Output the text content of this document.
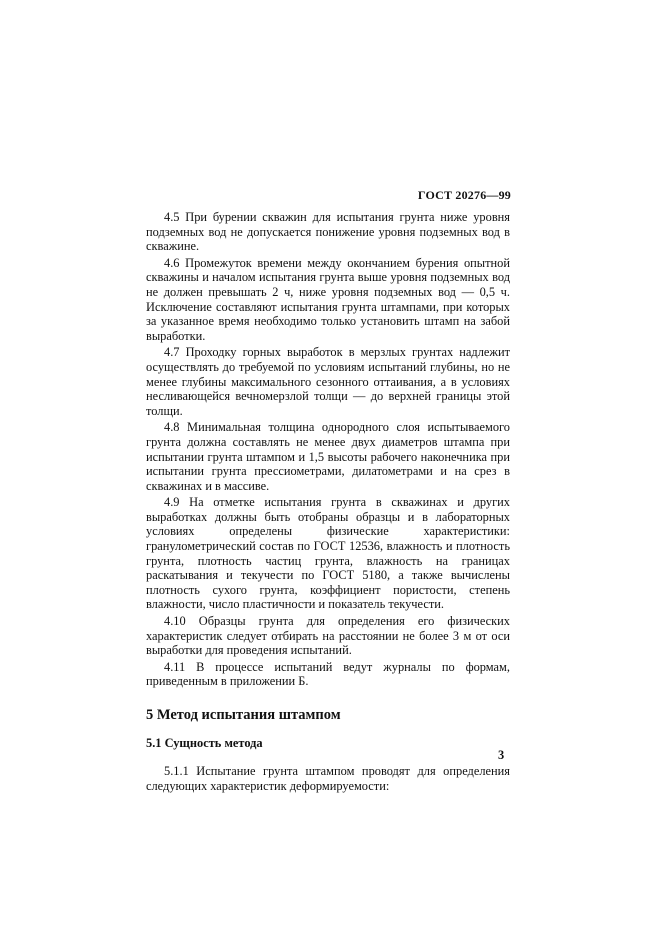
ГОСТ 20276—99

4.5 При бурении скважин для испытания грунта ниже уровня подземных вод не допускается понижение уровня подземных вод в скважине.

4.6 Промежуток времени между окончанием бурения опытной скважины и началом испытания грунта выше уровня подземных вод не должен превышать 2 ч, ниже уровня подземных вод — 0,5 ч. Исключение составляют испытания грунта штампами, при которых за указанное время необходимо только установить штамп на забой выработки.

4.7 Проходку горных выработок в мерзлых грунтах надлежит осуществлять до требуемой по условиям испытаний глубины, но не менее глубины максимального сезонного оттаивания, а в условиях несливающейся вечномерзлой толщи — до верхней границы этой толщи.

4.8 Минимальная толщина однородного слоя испытываемого грунта должна составлять не менее двух диаметров штампа при испытании грунта штампом и 1,5 высоты рабочего наконечника при испытании грунта прессиометрами, дилатометрами и на срез в скважинах и в массиве.

4.9 На отметке испытания грунта в скважинах и других выработках должны быть отобраны образцы и в лабораторных условиях определены физические характеристики: гранулометрический состав по ГОСТ 12536, влажность и плотность грунта, плотность частиц грунта, влажность на границах раскатывания и текучести по ГОСТ 5180, а также вычислены плотность сухого грунта, коэффициент пористости, степень влажности, число пластичности и показатель текучести.

4.10 Образцы грунта для определения его физических характеристик следует отбирать на расстоянии не более 3 м от оси выработки для проведения испытаний.

4.11 В процессе испытаний ведут журналы по формам, приведенным в приложении Б.

5 Метод испытания штампом
5.1 Сущность метода

5.1.1 Испытание грунта штампом проводят для определения следующих характеристик деформируемости:

3
